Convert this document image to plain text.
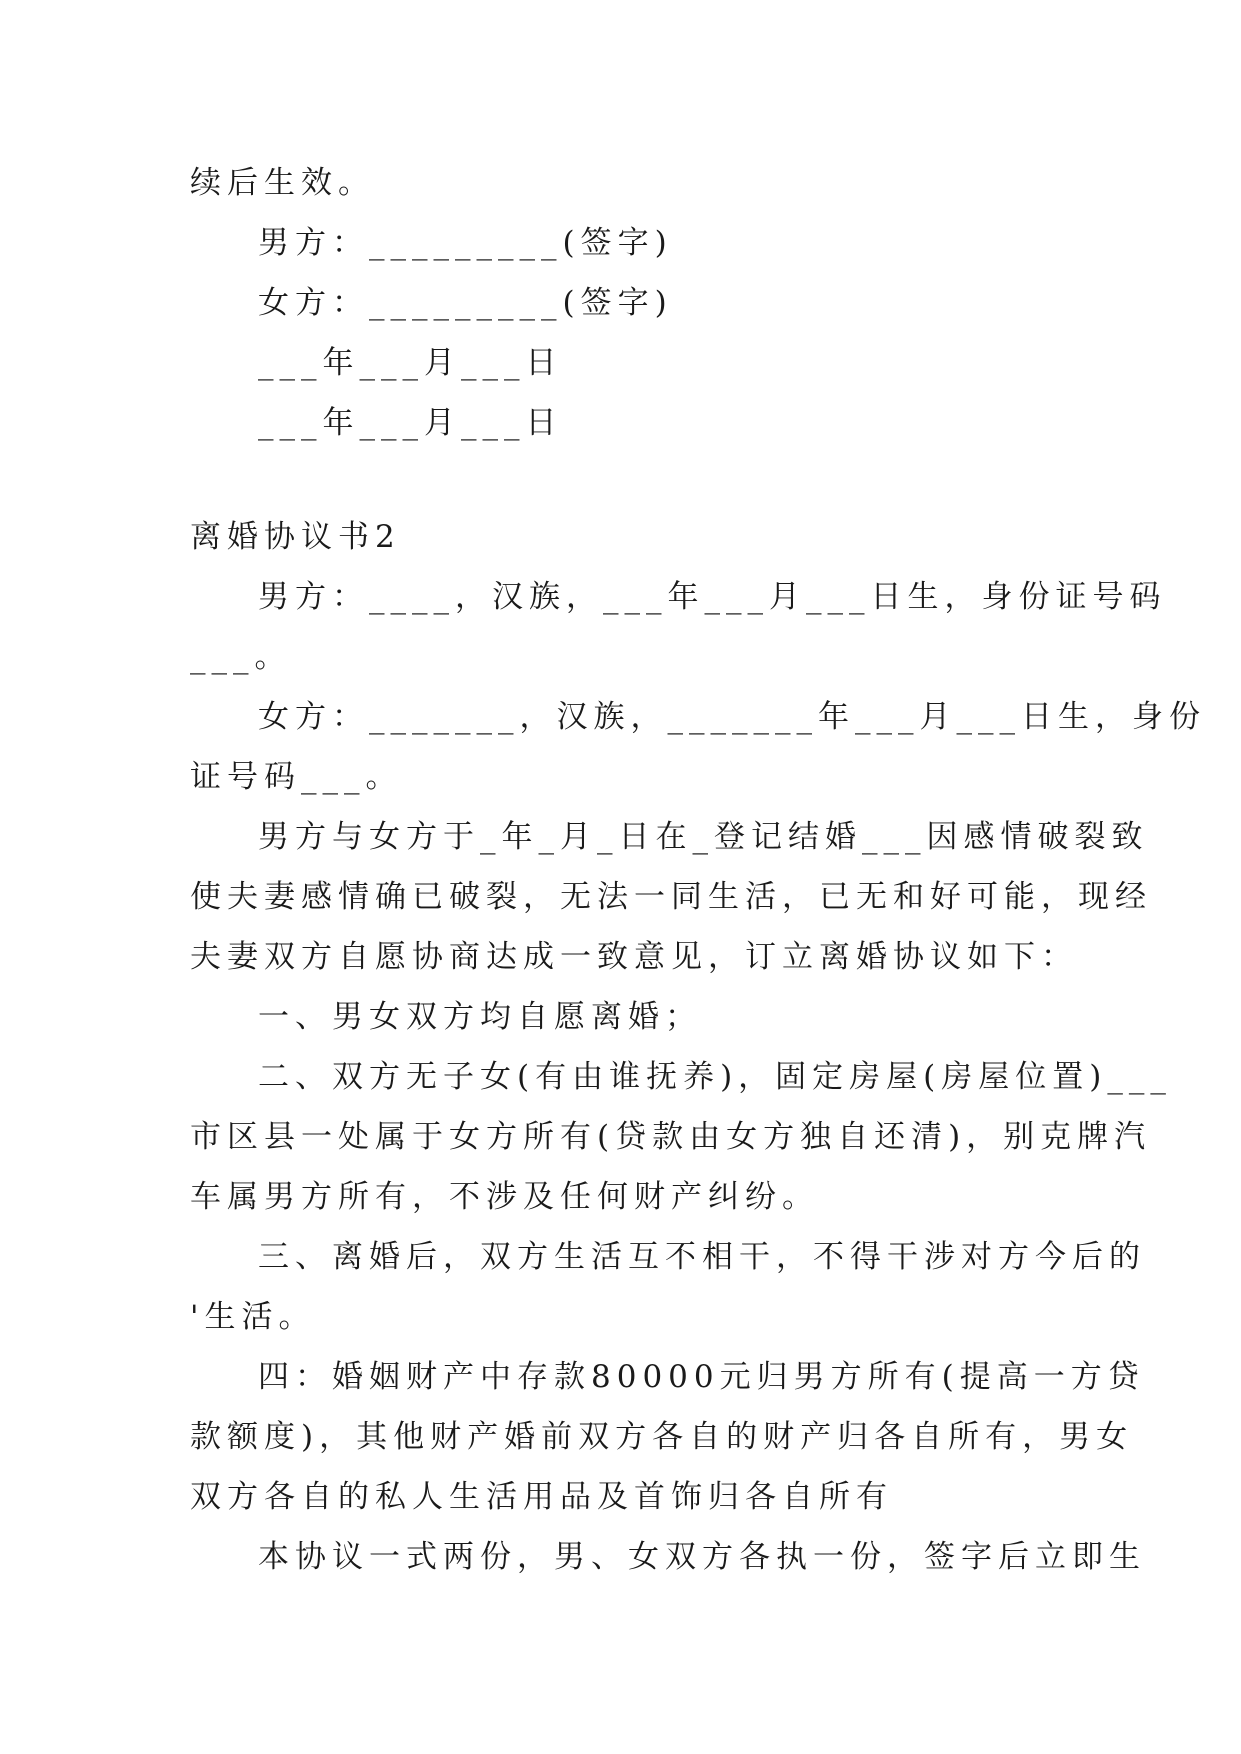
续后生效。
男方：_________(签字)
女方：_________(签字)
___年___月___日
___年___月___日
离婚协议书2
男方：____，汉族，___年___月___日生，身份证号码
___。
女方：_______，汉族，_______年___月___日生，身份
证号码___。
男方与女方于_年_月_日在_登记结婚___因感情破裂致
使夫妻感情确已破裂，无法一同生活，已无和好可能，现经
夫妻双方自愿协商达成一致意见，订立离婚协议如下：
一、男女双方均自愿离婚；
二、双方无子女(有由谁抚养)，固定房屋(房屋位置)___
市区县一处属于女方所有(贷款由女方独自还清)，别克牌汽
车属男方所有，不涉及任何财产纠纷。
三、离婚后，双方生活互不相干，不得干涉对方今后的
'生活。
四：婚姻财产中存款80000元归男方所有(提高一方贷
款额度)，其他财产婚前双方各自的财产归各自所有，男女
双方各自的私人生活用品及首饰归各自所有
本协议一式两份，男、女双方各执一份，签字后立即生
